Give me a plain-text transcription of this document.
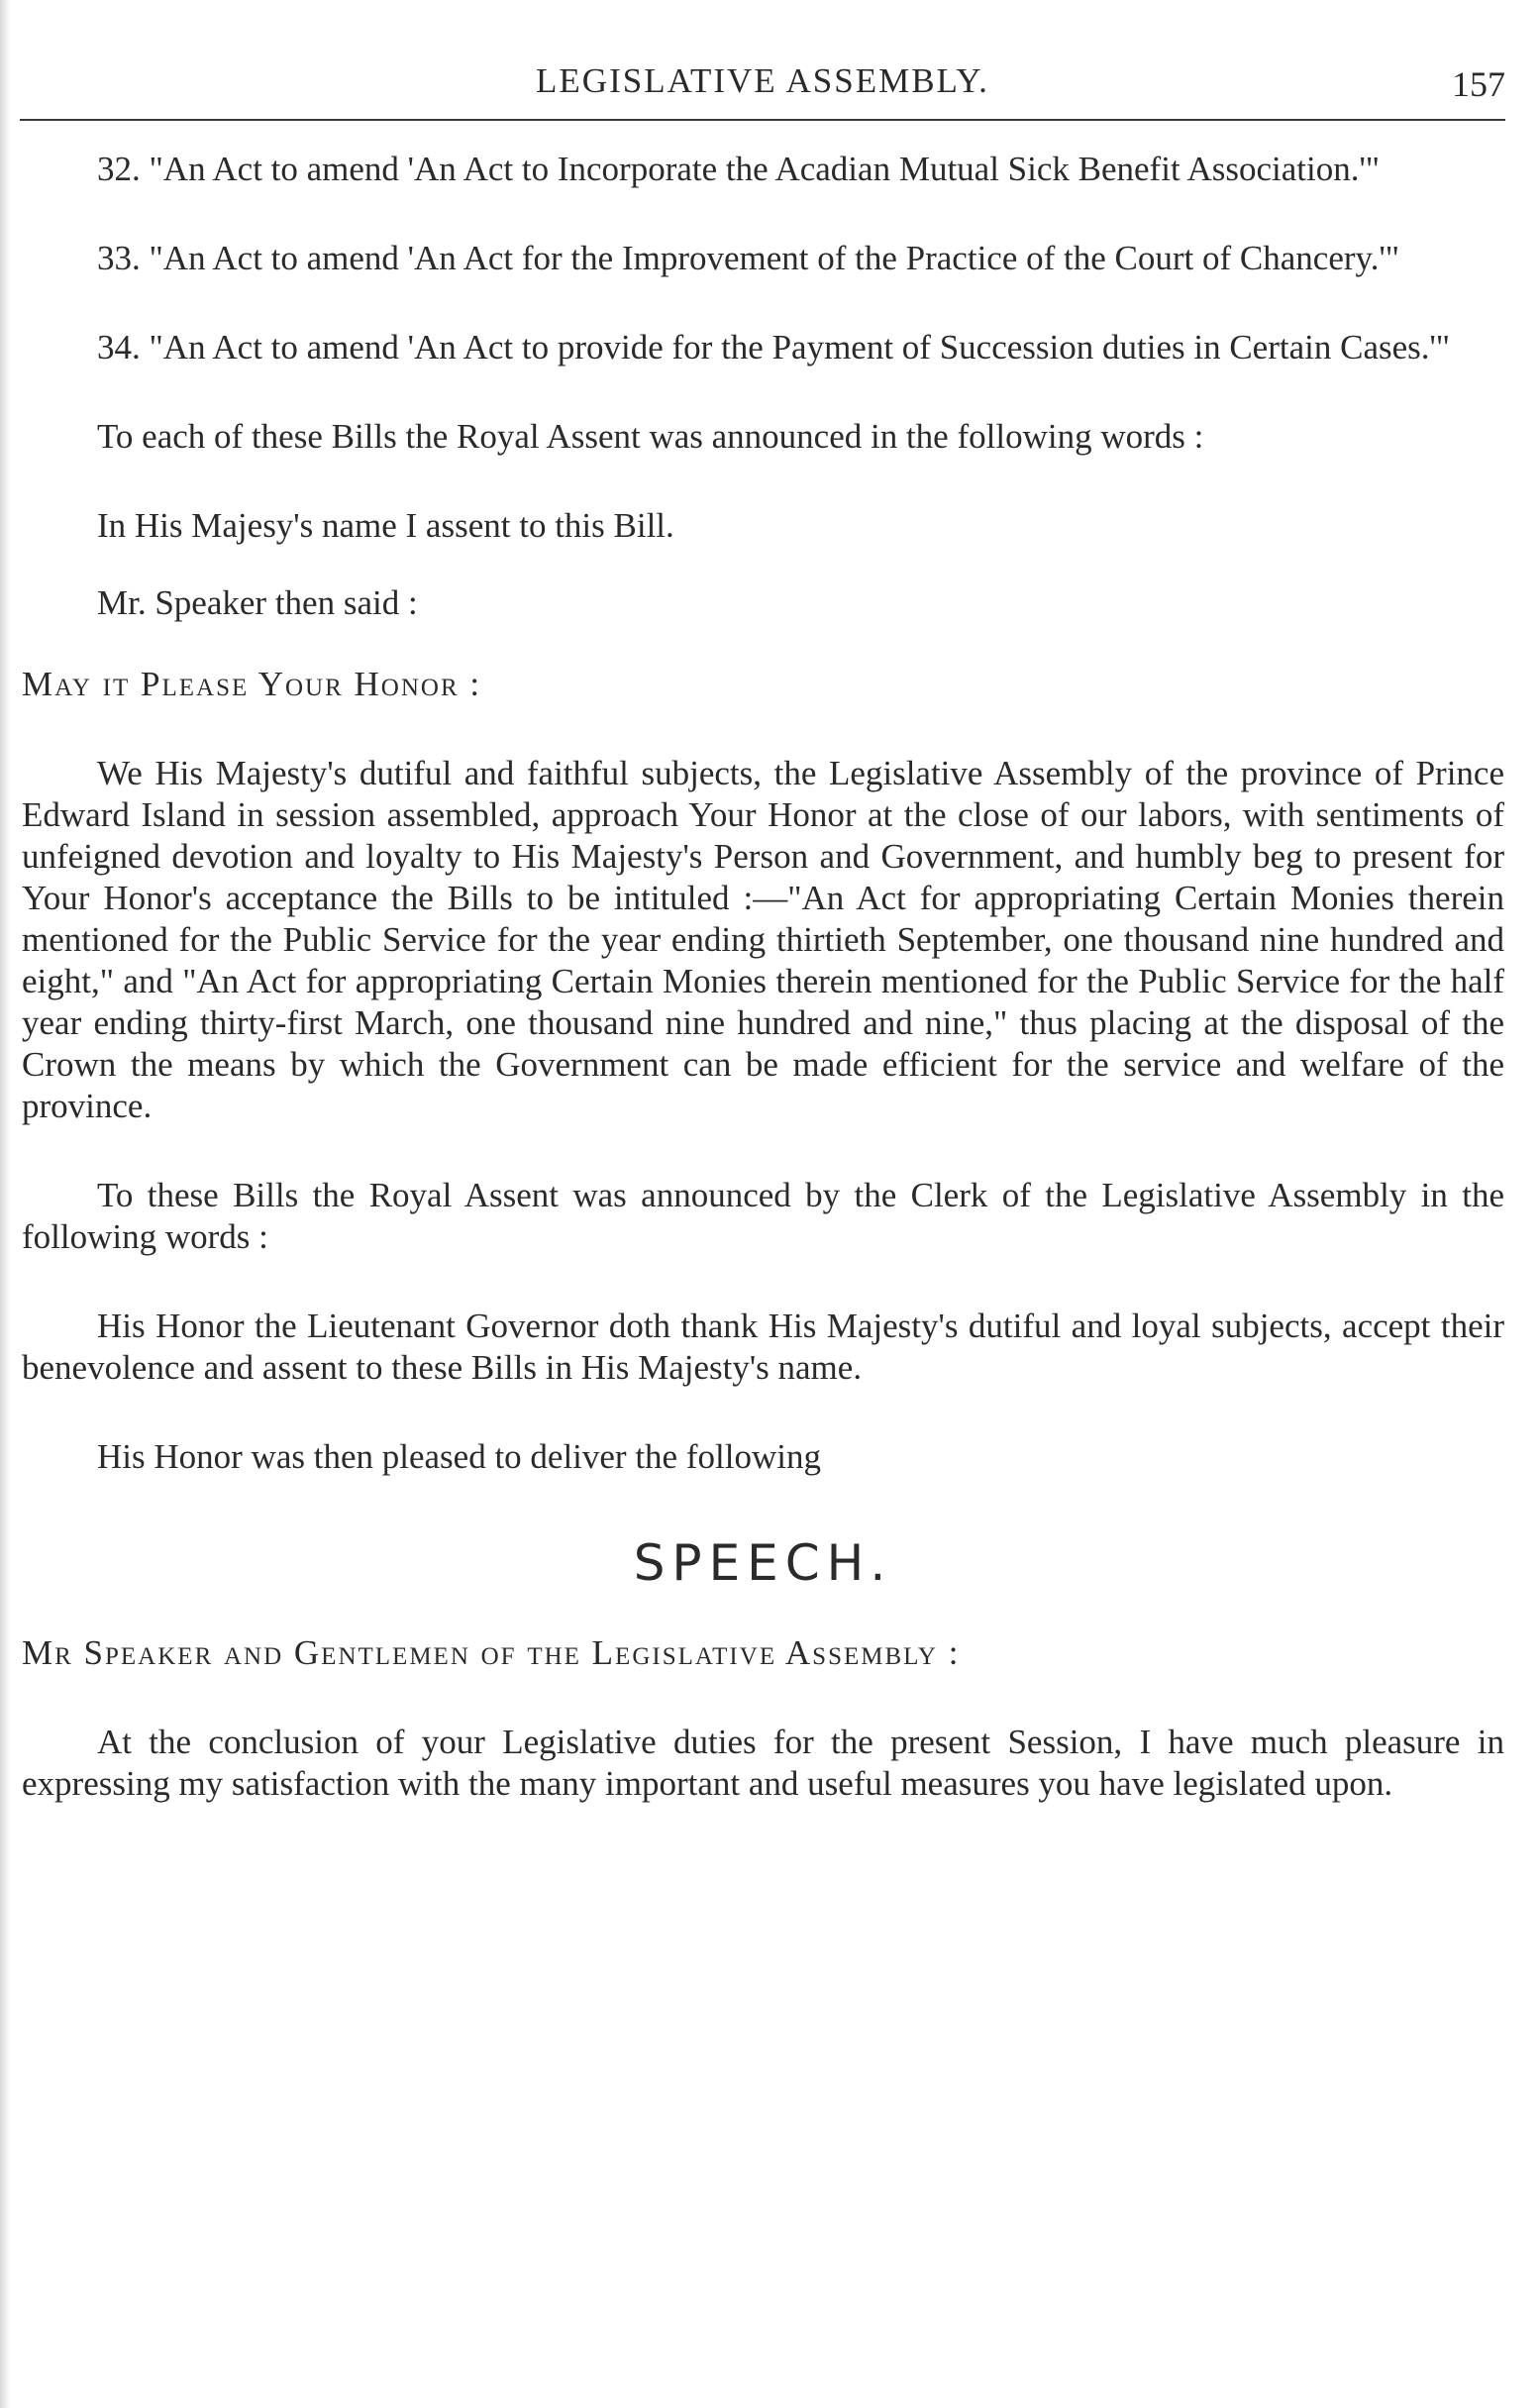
LEGISLATIVE ASSEMBLY.	157

32. "An Act to amend 'An Act to Incorporate the Acadian Mutual Sick Benefit Association.'"

33. "An Act to amend 'An Act for the Improvement of the Practice of the Court of Chancery.'"

34. "An Act to amend 'An Act to provide for the Payment of Succession duties in Certain Cases.'"

To each of these Bills the Royal Assent was announced in the following words :

In His Majesy's name I assent to this Bill.

Mr. Speaker then said :

May it Please Your Honor :

We His Majesty's dutiful and faithful subjects, the Legislative Assembly of the province of Prince Edward Island in session assembled, approach Your Honor at the close of our labors, with sentiments of unfeigned devotion and loyalty to His Majesty's Person and Government, and humbly beg to present for Your Honor's acceptance the Bills to be intituled :—"An Act for appropriating Certain Monies therein mentioned for the Public Service for the year ending thirtieth September, one thousand nine hundred and eight," and "An Act for appropriating Certain Monies therein mentioned for the Public Service for the half year ending thirty-first March, one thousand nine hundred and nine," thus placing at the disposal of the Crown the means by which the Government can be made efficient for the service and welfare of the province.

To these Bills the Royal Assent was announced by the Clerk of the Legislative Assembly in the following words :

His Honor the Lieutenant Governor doth thank His Majesty's dutiful and loyal subjects, accept their benevolence and assent to these Bills in His Majesty's name.

His Honor was then pleased to deliver the following

SPEECH.

Mr Speaker and Gentlemen of the Legislative Assembly :

At the conclusion of your Legislative duties for the present Session, I have much pleasure in expressing my satisfaction with the many important and useful measures you have legislated upon.
